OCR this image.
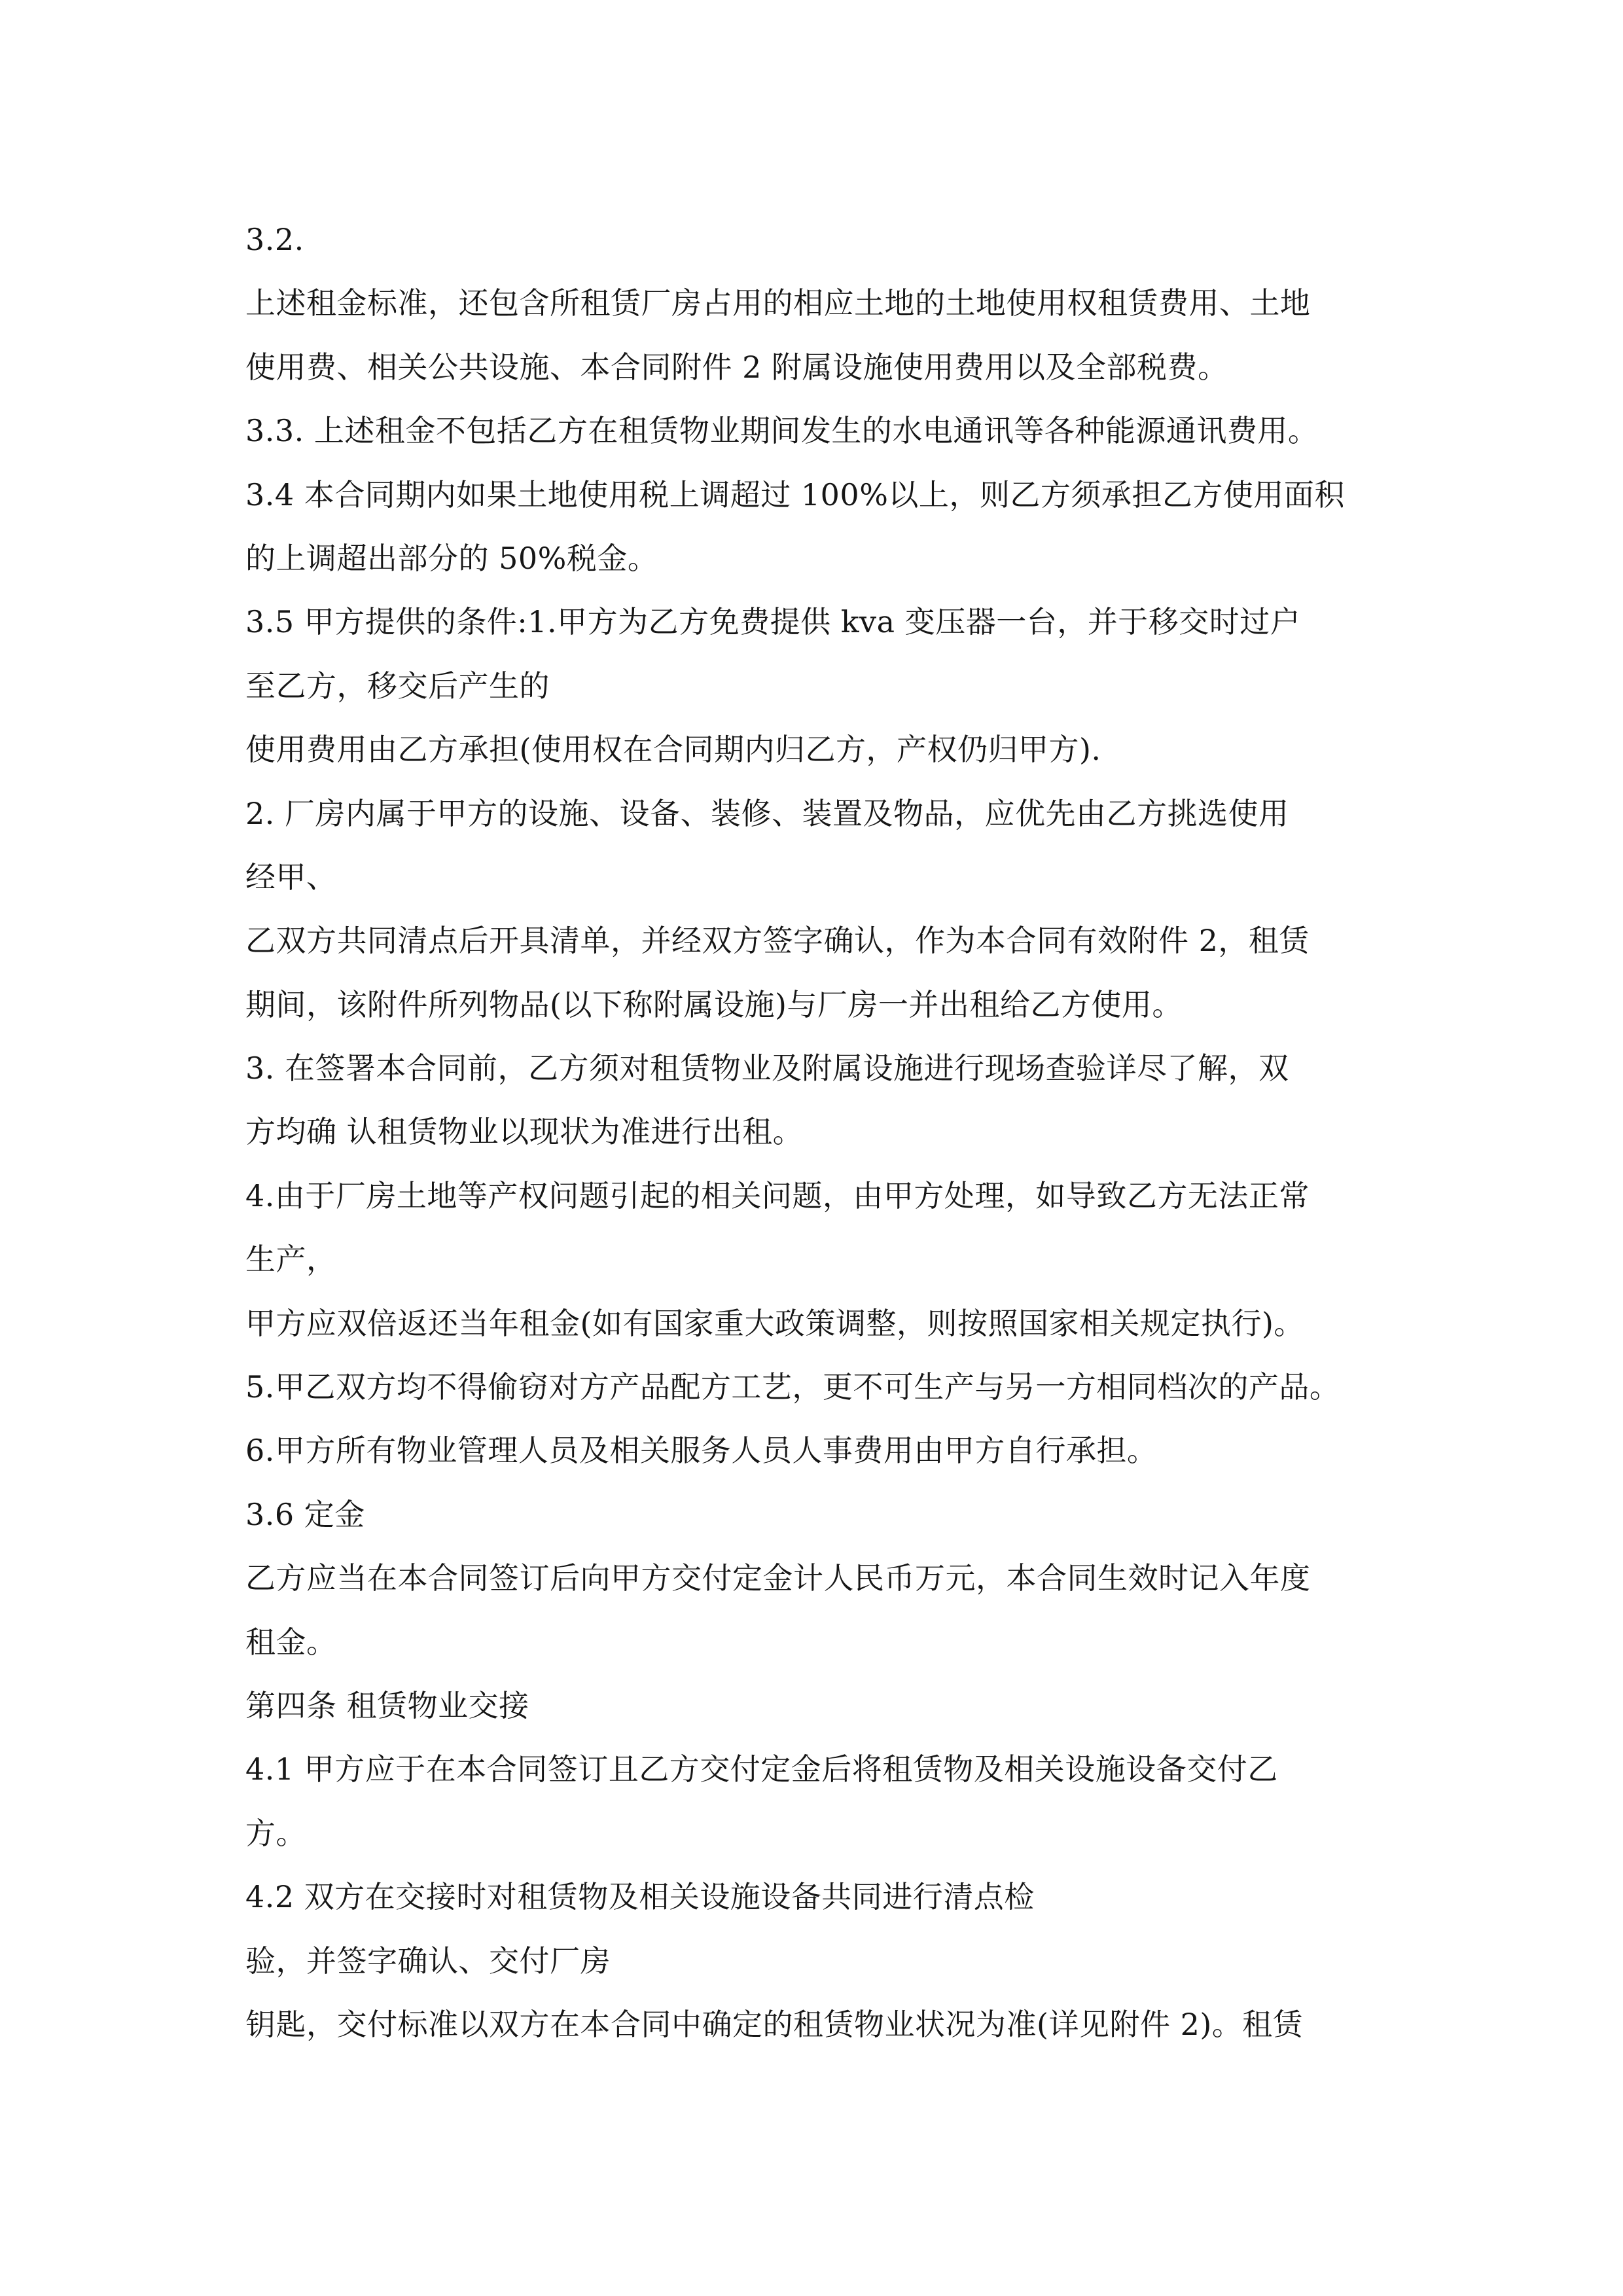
3.2.
上述租金标准，还包含所租赁厂房占用的相应土地的土地使用权租赁费用、土地
使用费、相关公共设施、本合同附件 2 附属设施使用费用以及全部税费。
3.3. 上述租金不包括乙方在租赁物业期间发生的水电通讯等各种能源通讯费用。
3.4 本合同期内如果土地使用税上调超过 100%以上，则乙方须承担乙方使用面积
的上调超出部分的 50%税金。
3.5 甲方提供的条件:1.甲方为乙方免费提供 kva 变压器一台，并于移交时过户
至乙方，移交后产生的
使用费用由乙方承担(使用权在合同期内归乙方，产权仍归甲方).
2. 厂房内属于甲方的设施、设备、装修、装置及物品，应优先由乙方挑选使用
经甲、
乙双方共同清点后开具清单，并经双方签字确认，作为本合同有效附件 2，租赁
期间，该附件所列物品(以下称附属设施)与厂房一并出租给乙方使用。
3. 在签署本合同前，乙方须对租赁物业及附属设施进行现场查验详尽了解，双
方均确 认租赁物业以现状为准进行出租。
4.由于厂房土地等产权问题引起的相关问题，由甲方处理，如导致乙方无法正常
生产，
甲方应双倍返还当年租金(如有国家重大政策调整，则按照国家相关规定执行)。
5.甲乙双方均不得偷窃对方产品配方工艺，更不可生产与另一方相同档次的产品。
6.甲方所有物业管理人员及相关服务人员人事费用由甲方自行承担。
3.6 定金
乙方应当在本合同签订后向甲方交付定金计人民币万元，本合同生效时记入年度
租金。
第四条 租赁物业交接
4.1 甲方应于在本合同签订且乙方交付定金后将租赁物及相关设施设备交付乙
方。
4.2 双方在交接时对租赁物及相关设施设备共同进行清点检
验，并签字确认、交付厂房
钥匙，交付标准以双方在本合同中确定的租赁物业状况为准(详见附件 2)。租赁
